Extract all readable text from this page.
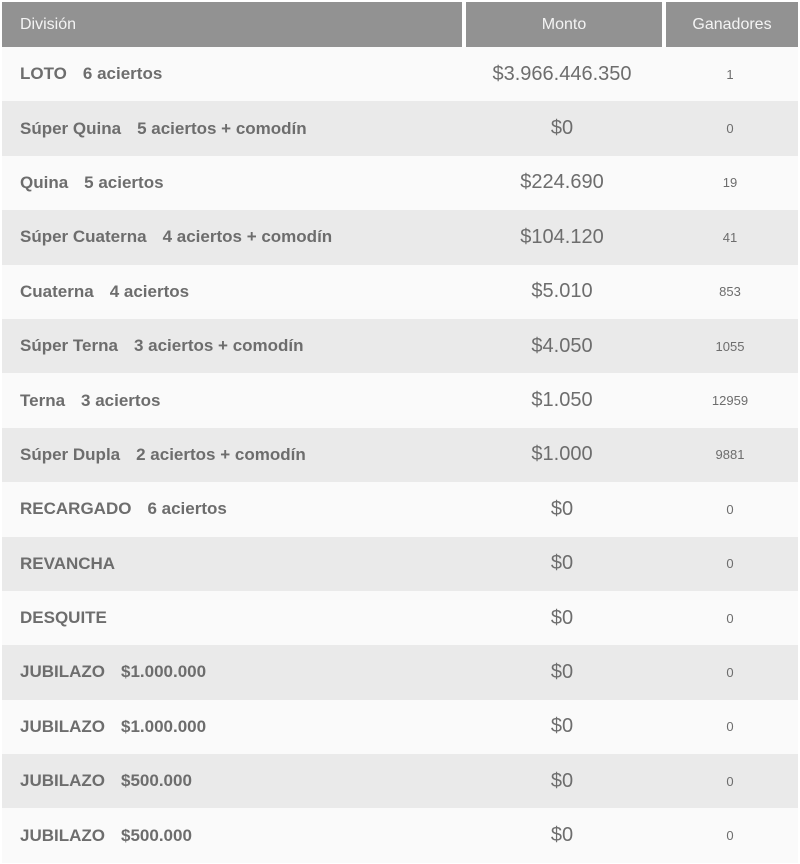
División	Monto	Ganadores
LOTO 6 aciertos	$3.966.446.350	1
Súper Quina 5 aciertos + comodín	$0	0
Quina 5 aciertos	$224.690	19
Súper Cuaterna 4 aciertos + comodín	$104.120	41
Cuaterna 4 aciertos	$5.010	853
Súper Terna 3 aciertos + comodín	$4.050	1055
Terna 3 aciertos	$1.050	12959
Súper Dupla 2 aciertos + comodín	$1.000	9881
RECARGADO 6 aciertos	$0	0
REVANCHA	$0	0
DESQUITE	$0	0
JUBILAZO $1.000.000	$0	0
JUBILAZO $1.000.000	$0	0
JUBILAZO $500.000	$0	0
JUBILAZO $500.000	$0	0
